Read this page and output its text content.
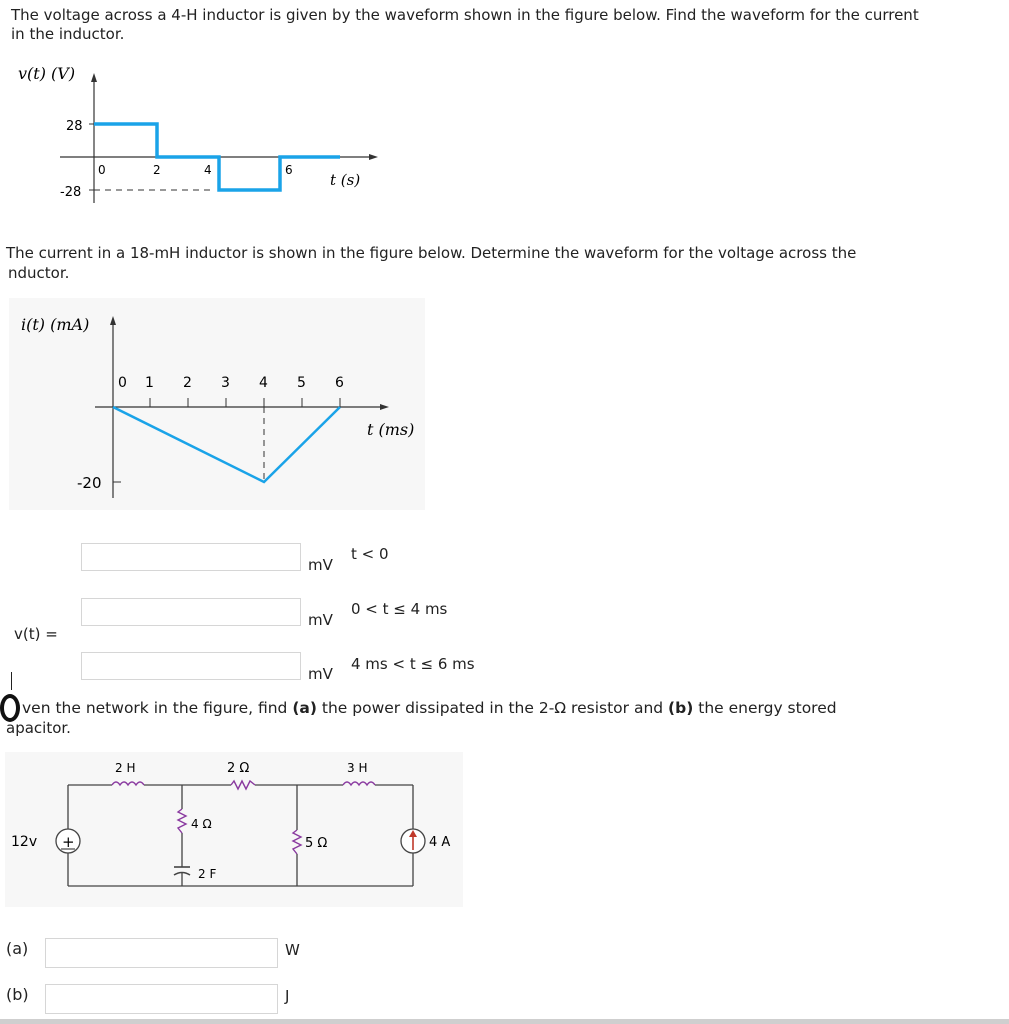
The voltage across a 4-H inductor is given by the waveform shown in the figure below. Find the waveform for the current
in the inductor.
v(t) (V)
28
-28
0	2	4	6
t (s)
The current in a 18-mH inductor is shown in the figure below. Determine the waveform for the voltage across the
nductor.
i(t) (mA)
0 1 2 3 4 5 6
-20
t (ms)
mV
t < 0
mV
0 < t ≤ 4 ms
v(t) =
mV
4 ms < t ≤ 6 ms
ven the network in the figure, find (a) the power dissipated in the 2-Ω resistor and (b) the energy stored
apacitor.
+
2 H	2 Ω	3 H
4 Ω
2 F
5 Ω
12v	4 A
(a)	W
(b)	J
